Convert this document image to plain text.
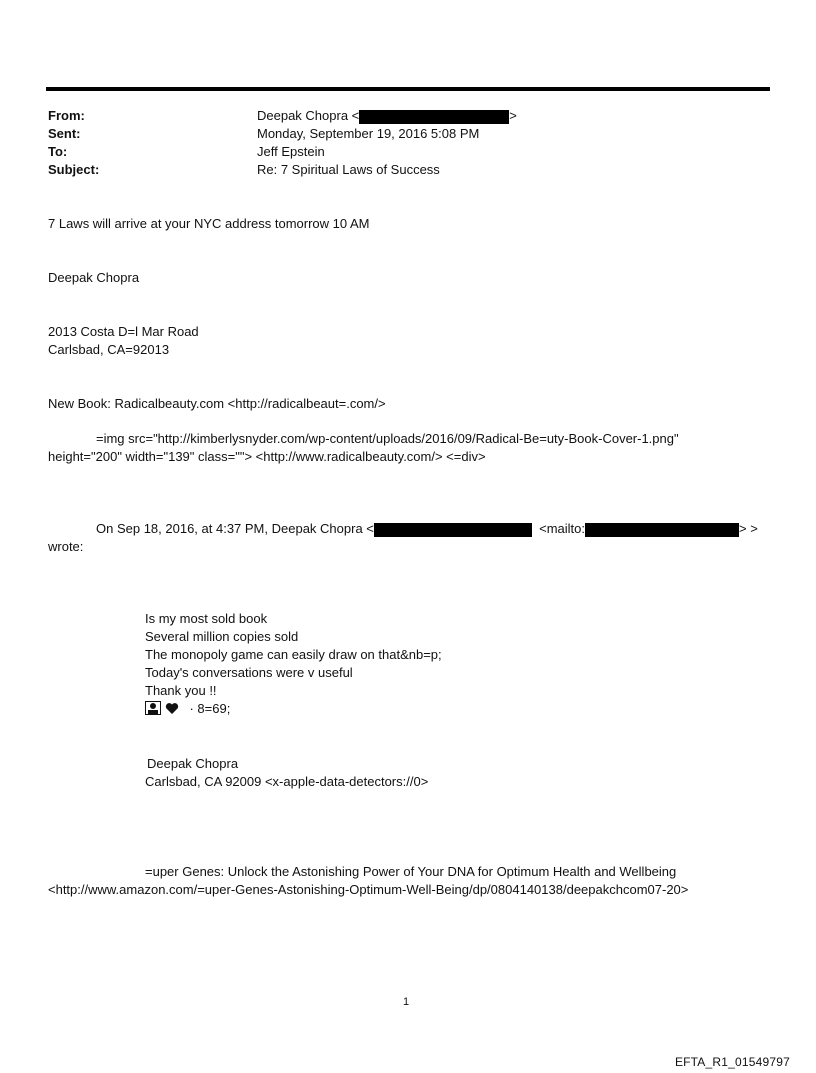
From:	Deepak Chopra <	>
Sent:	Monday, September 19, 2016 5:08 PM
To:	Jeff Epstein
Subject:	Re: 7 Spiritual Laws of Success
7 Laws will arrive at your NYC address tomorrow 10 AM
Deepak Chopra
2013 Costa D=l Mar Road
Carlsbad, CA=92013
New Book: Radicalbeauty.com <http://radicalbeaut=.com/>
=img src="http://kimberlysnyder.com/wp-content/uploads/2016/09/Radical-Be=uty-Book-Cover-1.png"
height="200" width="139" class=""> <http://www.radicalbeauty.com/> <=div>
On Sep 18, 2016, at 4:37 PM, Deepak Chopra <	<mailto:	> >
wrote:
Is my most sold book
Several million copies sold
The monopoly game can easily draw on that&nb=p;
Today's conversations were v useful
Thank you !!
· 8=69;
Deepak Chopra
Carlsbad, CA 92009 <x-apple-data-detectors://0>
=uper Genes: Unlock the Astonishing Power of Your DNA for Optimum Health and Wellbeing
<http://www.amazon.com/=uper-Genes-Astonishing-Optimum-Well-Being/dp/0804140138/deepakchcom07-20>
1
EFTA_R1_01549797
